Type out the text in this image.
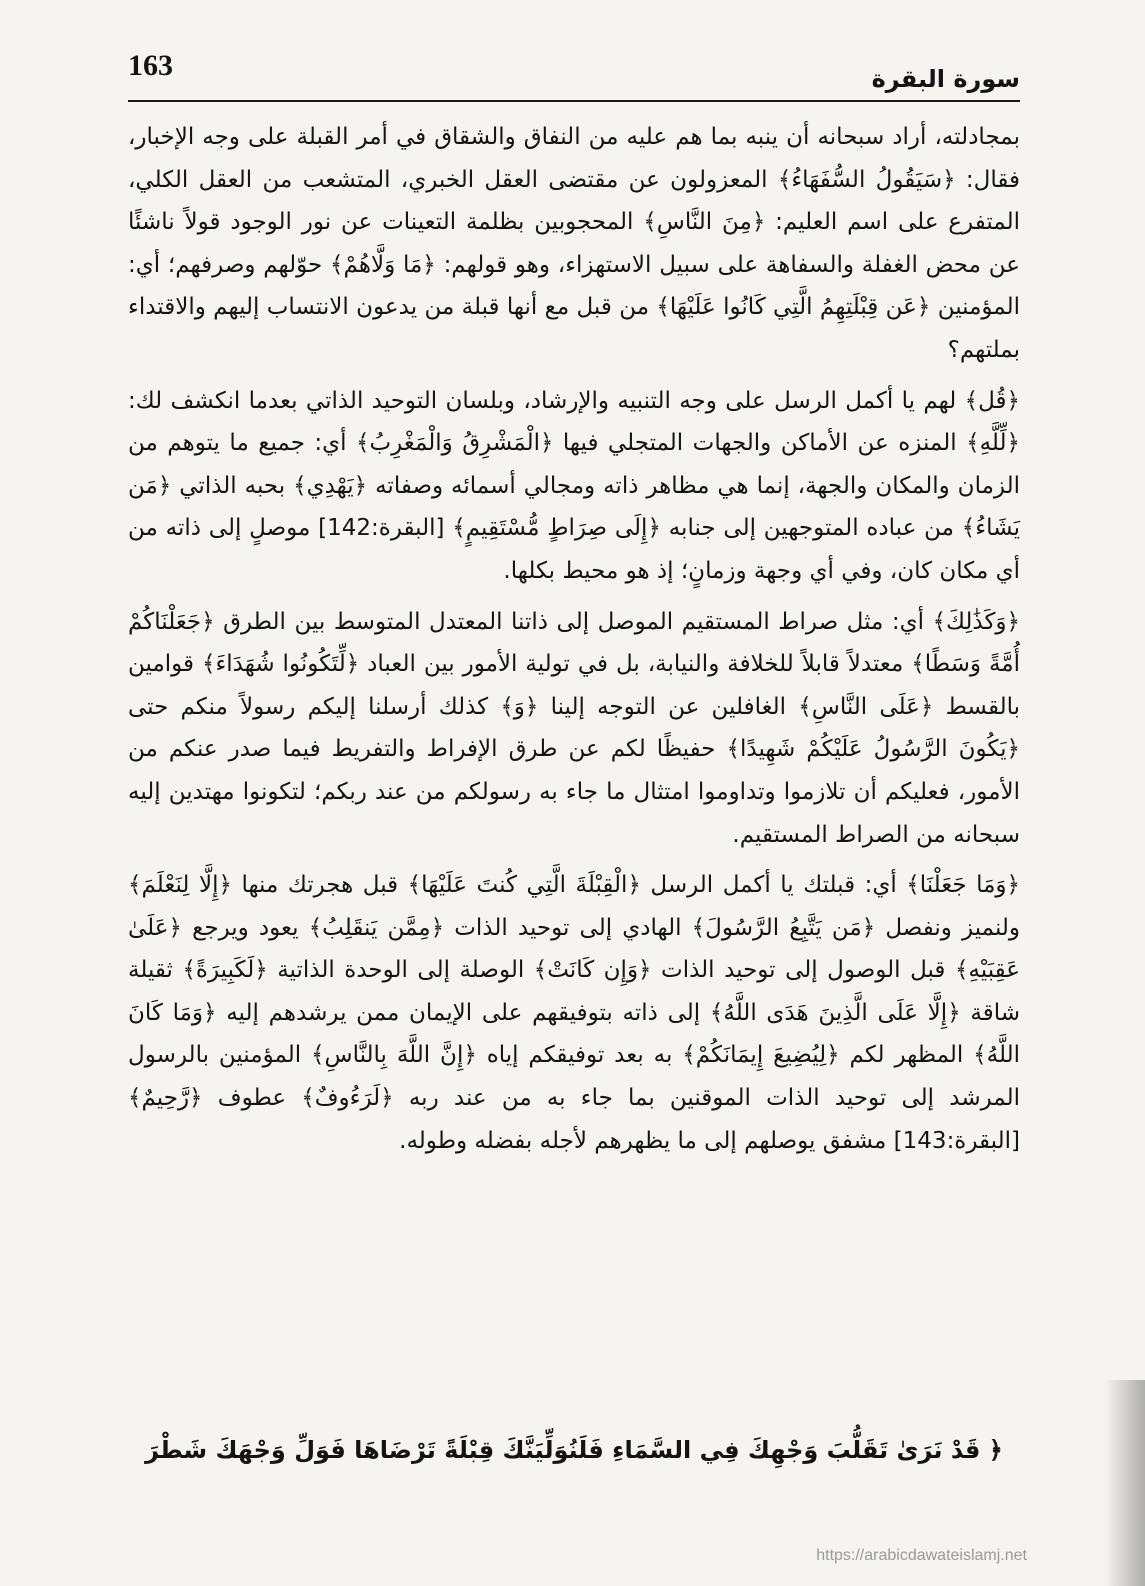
163	سورة البقرة

بمجادلته، أراد سبحانه أن ينبه بما هم عليه من النفاق والشقاق في أمر القبلة على وجه الإخبار، فقال: ﴿سَيَقُولُ السُّفَهَاءُ﴾ المعزولون عن مقتضى العقل الخبري، المتشعب من العقل الكلي، المتفرع على اسم العليم: ﴿مِنَ النَّاسِ﴾ المحجوبين بظلمة التعينات عن نور الوجود قولاً ناشئًا عن محض الغفلة والسفاهة على سبيل الاستهزاء، وهو قولهم: ﴿مَا وَلَّاهُمْ﴾ حوّلهم وصرفهم؛ أي: المؤمنين ﴿عَن قِبْلَتِهِمُ الَّتِي كَانُوا عَلَيْهَا﴾ من قبل مع أنها قبلة من يدعون الانتساب إليهم والاقتداء بملتهم؟

﴿قُل﴾ لهم يا أكمل الرسل على وجه التنبيه والإرشاد، وبلسان التوحيد الذاتي بعدما انكشف لك: ﴿لِّلَّهِ﴾ المنزه عن الأماكن والجهات المتجلي فيها ﴿الْمَشْرِقُ وَالْمَغْرِبُ﴾ أي: جميع ما يتوهم من الزمان والمكان والجهة، إنما هي مظاهر ذاته ومجالي أسمائه وصفاته ﴿يَهْدِي﴾ بحبه الذاتي ﴿مَن يَشَاءُ﴾ من عباده المتوجهين إلى جنابه ﴿إِلَى صِرَاطٍ مُّسْتَقِيمٍ﴾ [البقرة:142] موصلٍ إلى ذاته من أي مكان كان، وفي أي وجهة وزمانٍ؛ إذ هو محيط بكلها.

﴿وَكَذَٰلِكَ﴾ أي: مثل صراط المستقيم الموصل إلى ذاتنا المعتدل المتوسط بين الطرق ﴿جَعَلْنَاكُمْ أُمَّةً وَسَطًا﴾ معتدلاً قابلاً للخلافة والنيابة، بل في تولية الأمور بين العباد ﴿لِّتَكُونُوا شُهَدَاءَ﴾ قوامين بالقسط ﴿عَلَى النَّاسِ﴾ الغافلين عن التوجه إلينا ﴿وَ﴾ كذلك أرسلنا إليكم رسولاً منكم حتى ﴿يَكُونَ الرَّسُولُ عَلَيْكُمْ شَهِيدًا﴾ حفيظًا لكم عن طرق الإفراط والتفريط فيما صدر عنكم من الأمور، فعليكم أن تلازموا وتداوموا امتثال ما جاء به رسولكم من عند ربكم؛ لتكونوا مهتدين إليه سبحانه من الصراط المستقيم.

﴿وَمَا جَعَلْنَا﴾ أي: قبلتك يا أكمل الرسل ﴿الْقِبْلَةَ الَّتِي كُنتَ عَلَيْهَا﴾ قبل هجرتك منها ﴿إِلَّا لِنَعْلَمَ﴾ ولنميز ونفصل ﴿مَن يَتَّبِعُ الرَّسُولَ﴾ الهادي إلى توحيد الذات ﴿مِمَّن يَنقَلِبُ﴾ يعود ويرجع ﴿عَلَىٰ عَقِبَيْهِ﴾ قبل الوصول إلى توحيد الذات ﴿وَإِن كَانَتْ﴾ الوصلة إلى الوحدة الذاتية ﴿لَكَبِيرَةً﴾ ثقيلة شاقة ﴿إِلَّا عَلَى الَّذِينَ هَدَى اللَّهُ﴾ إلى ذاته بتوفيقهم على الإيمان ممن يرشدهم إليه ﴿وَمَا كَانَ اللَّهُ﴾ المظهر لكم ﴿لِيُضِيعَ إِيمَانَكُمْ﴾ به بعد توفيقكم إياه ﴿إِنَّ اللَّهَ بِالنَّاسِ﴾ المؤمنين بالرسول المرشد إلى توحيد الذات الموقنين بما جاء به من عند ربه ﴿لَرَءُوفٌ﴾ عطوف ﴿رَّحِيمٌ﴾ [البقرة:143] مشفق يوصلهم إلى ما يظهرهم لأجله بفضله وطوله.

﴿ قَدْ نَرَىٰ تَقَلُّبَ وَجْهِكَ فِي السَّمَاءِ فَلَنُوَلِّيَنَّكَ قِبْلَةً تَرْضَاهَا فَوَلِّ وَجْهَكَ شَطْرَ
https://arabicdawateislamj.net
